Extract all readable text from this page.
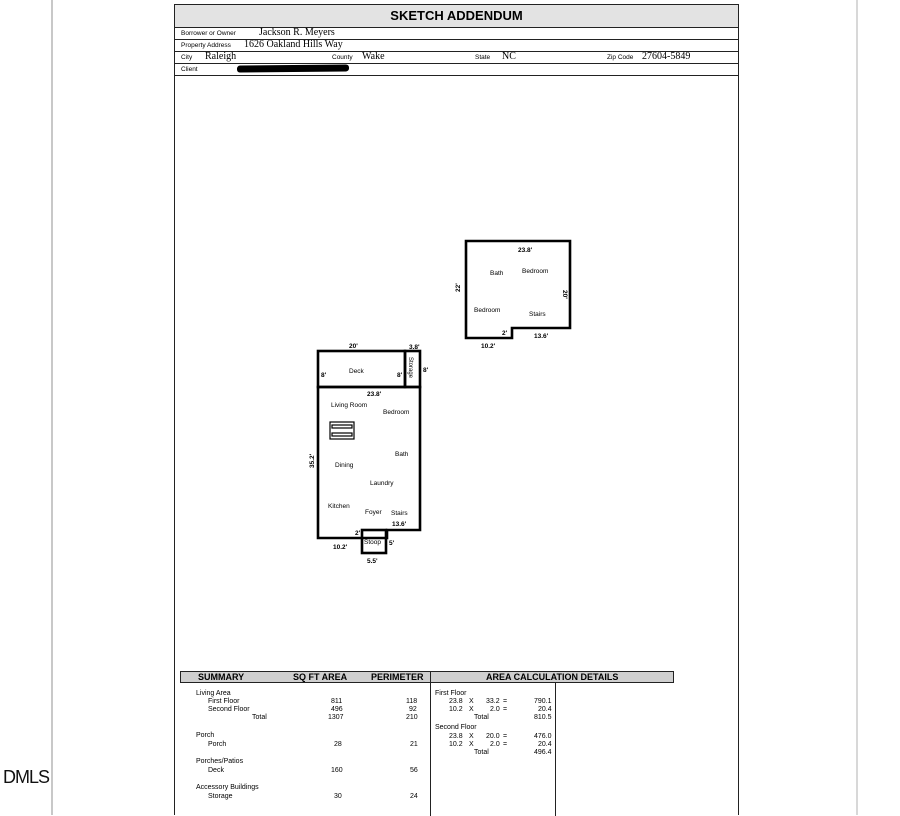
SKETCH ADDENDUM
Borrower or Owner Jackson R. Meyers
Property Address 1626 Oakland Hills Way
City Raleigh	County Wake	State NC	Zip Code 27604-5849
Client
23.8'
22'
20'
2'
10.2'
13.6'
20'	3.8'
8'	8'
8'
23.8'
35.2'
2'
13.6'
10.2'
5'
5.5'
Bath	Bedroom
Bedroom
Stairs
Deck	Storage
Living Room
Bedroom
Bath
Dining
Laundry
Kitchen
Foyer Stairs
Stoop
SUMMARY	SQ FT AREA	PERIMETER	AREA CALCULATION DETAILS
Living Area
First Floor	811	118
Second Floor	496	92
Total	1307	210
Porch
Porch	28	21
Porches/Patios
Deck	160	56
Accessory Buildings
Storage	30	24
First Floor
23.8 X 33.2 =	790.1
10.2 X 2.0 =	20.4
Total	810.5
Second Floor
23.8 X 20.0 =	476.0
10.2 X 2.0 =	20.4
Total	496.4
DMLS
